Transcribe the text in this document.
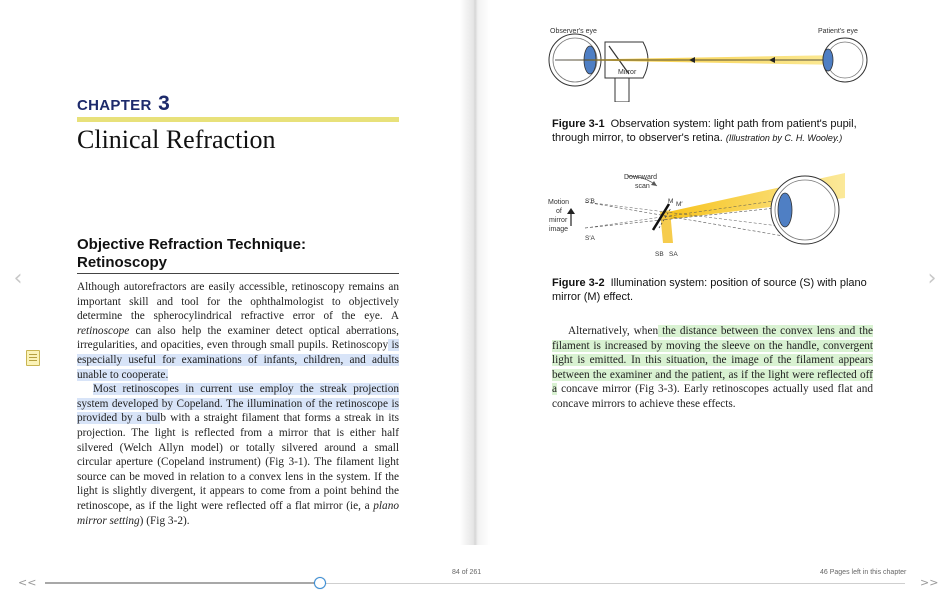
CHAPTER 3
Clinical Refraction
Objective Refraction Technique:
Retinoscopy

Although autorefractors are easily accessible, retinoscopy remains an important skill and tool for the ophthalmologist to objectively determine the spherocylindrical refractive error of the eye. A retinoscope can also help the examiner detect optical aberrations, irregularities, and opacities, even through small pupils. Retinoscopy is especially useful for examinations of infants, children, and adults unable to cooperate.

Most retinoscopes in current use employ the streak projection system developed by Copeland. The illumination of the retinoscope is provided by a bulb with a straight filament that forms a streak in its projection. The light is reflected from a mirror that is either half silvered (Welch Allyn model) or totally silvered around a small circular aperture (Copeland instrument) (Fig 3-1). The filament light source can be moved in relation to a convex lens in the system. If the light is slightly divergent, it appears to come from a point behind the retinoscope, as if the light were reflected off a flat mirror (ie, a plano mirror setting) (Fig 3-2).

Observer's eye	Patient's eye
Mirror
Figure 3-1 Observation system: light path from patient's pupil, through mirror, to observer's retina. (Illustration by C. H. Wooley.)
Downward
scan
Motion
of
mirror
image
S′B
S′A
M M′
SB SA
Figure 3-2 Illumination system: position of source (S) with plano mirror (M) effect.

Alternatively, when the distance between the convex lens and the filament is increased by moving the sleeve on the handle, convergent light is emitted. In this situation, the image of the filament appears between the examiner and the patient, as if the light were reflected off a concave mirror (Fig 3-3). Early retinoscopes actually used flat and concave mirrors to achieve these effects.

‹	›
<<
84 of 261	46 Pages left in this chapter
>>
